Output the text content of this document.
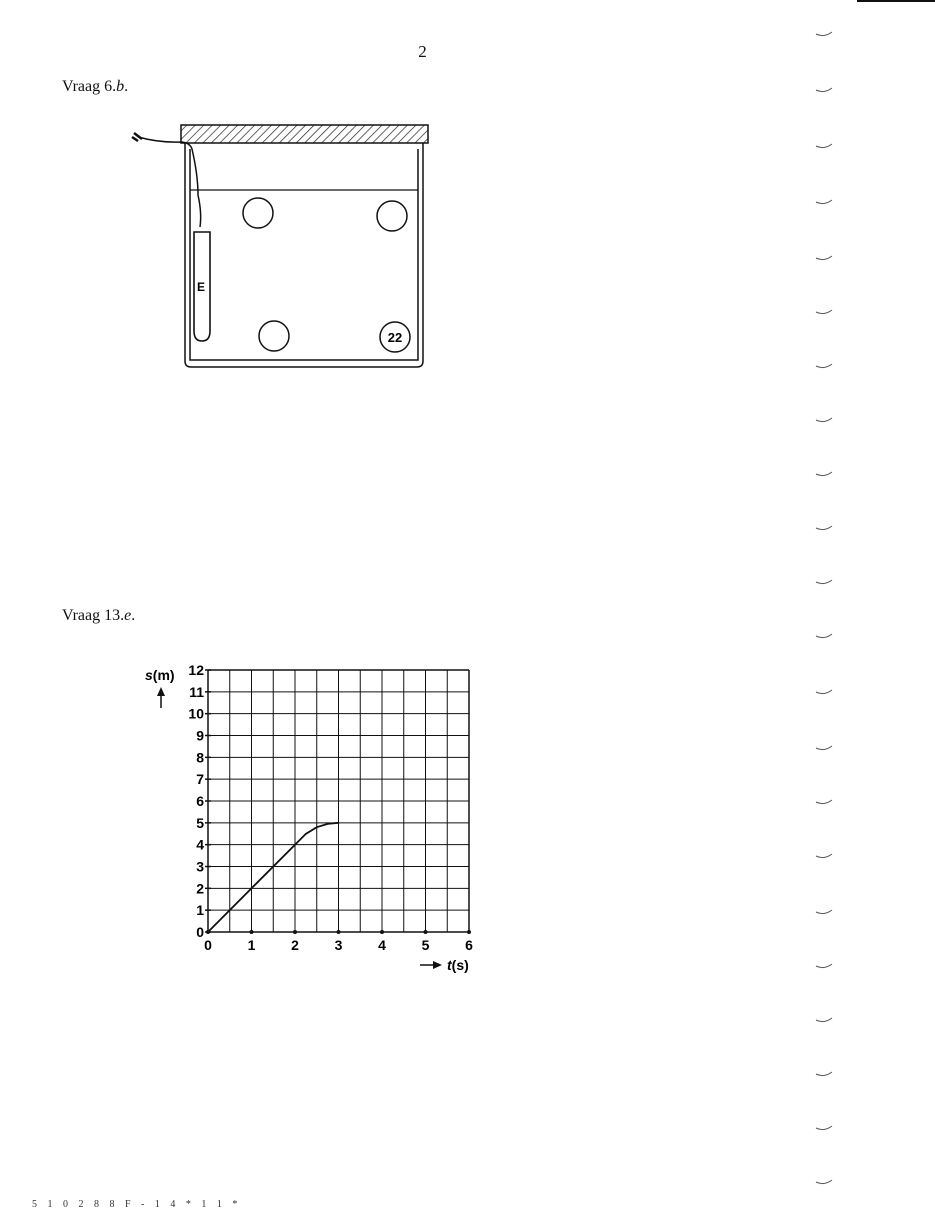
2
Vraag 6.b.
E
22
Vraag 13.e.
0	1	2	3	4	5	6
0
1
2
3
4
5
6
7
8
9
10
11
12
s(m)
t(s)
5 1 0 2 8 8 F - 1 4 * 1 1 *
